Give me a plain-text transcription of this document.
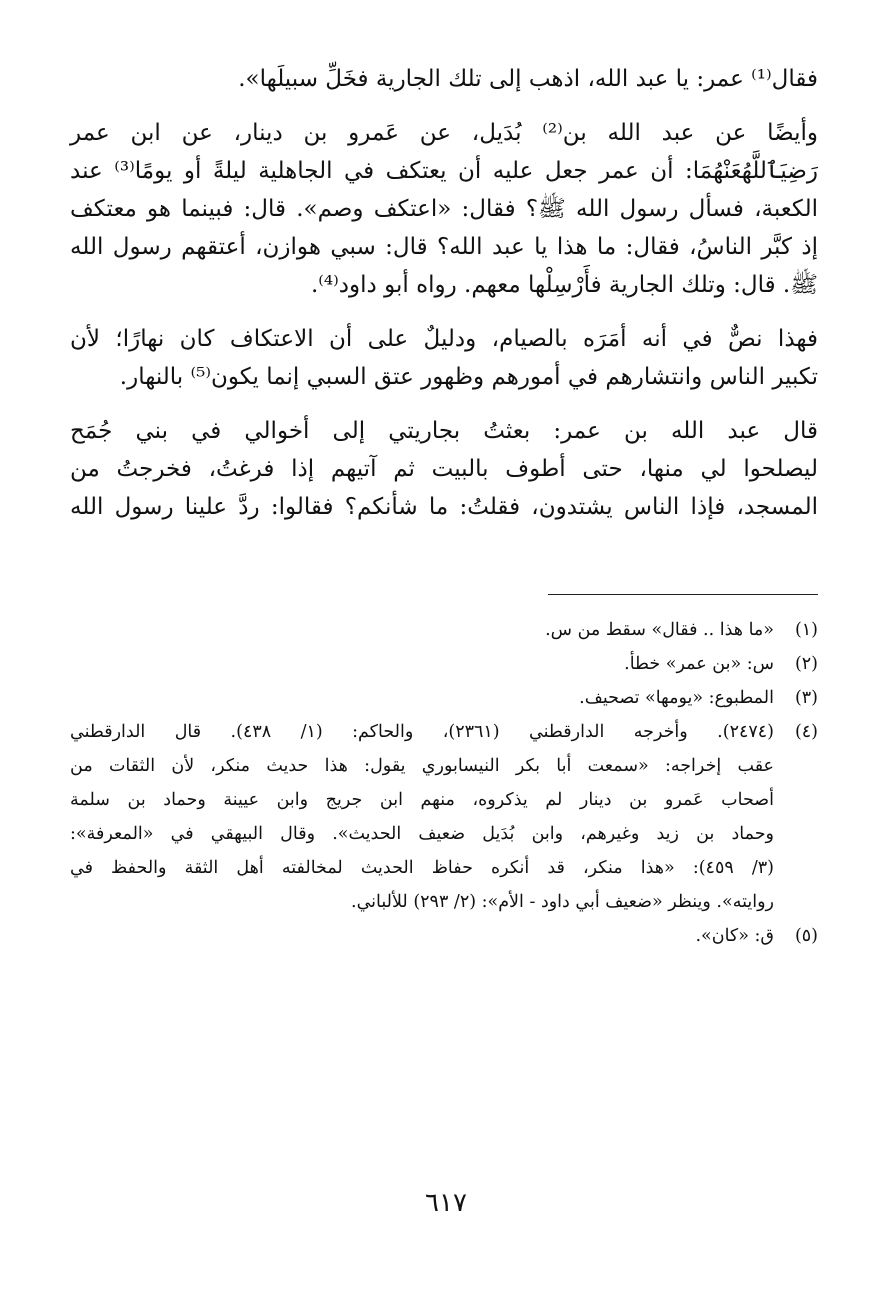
فقال⁽¹⁾ عمر: يا عبد الله، اذهب إلى تلك الجارية فخَلِّ سبيلَها».
وأيضًا عن عبد الله بن⁽²⁾ بُدَيل، عن عَمرو بن دينار، عن ابن عمر
رَضِيَٱللَّهُعَنْهُمَا: أن عمر جعل عليه أن يعتكف في الجاهلية ليلةً أو يومًا⁽³⁾ عند
الكعبة، فسأل رسول الله ﷺ؟ فقال: «اعتكف وصم». قال: فبينما هو معتكف
إذ كبَّر الناسُ، فقال: ما هذا يا عبد الله؟ قال: سبي هوازن، أعتقهم رسول الله
ﷺ. قال: وتلك الجارية فأَرْسِلْها معهم. رواه أبو داود⁽⁴⁾.
فهذا نصٌّ في أنه أمَرَه بالصيام، ودليلٌ على أن الاعتكاف كان نهارًا؛ لأن
تكبير الناس وانتشارهم في أمورهم وظهور عتق السبي إنما يكون⁽⁵⁾ بالنهار.
قال عبد الله بن عمر: بعثتُ بجاريتي إلى أخوالي في بني جُمَح
ليصلحوا لي منها، حتى أطوف بالبيت ثم آتيهم إذا فرغتُ، فخرجتُ من
المسجد، فإذا الناس يشتدون، فقلتُ: ما شأنكم؟ فقالوا: ردَّ علينا رسول الله
(١)«ما هذا .. فقال» سقط من س.
(٢)س: «بن عمر» خطأ.
(٣)المطبوع: «يومها» تصحيف.
(٤)(٢٤٧٤). وأخرجه الدارقطني (٢٣٦١)، والحاكم: (١/ ٤٣٨). قال الدارقطني
عقب إخراجه: «سمعت أبا بكر النيسابوري يقول: هذا حديث منكر، لأن الثقات من
أصحاب عَمرو بن دينار لم يذكروه، منهم ابن جريج وابن عيينة وحماد بن سلمة
وحماد بن زيد وغيرهم، وابن بُدَيل ضعيف الحديث». وقال البيهقي في «المعرفة»:
(٣/ ٤٥٩): «هذا منكر، قد أنكره حفاظ الحديث لمخالفته أهل الثقة والحفظ في
روايته». وينظر «ضعيف أبي داود - الأم»: (٢/ ٢٩٣) للألباني.
(٥)ق: «كان».
٦١٧
